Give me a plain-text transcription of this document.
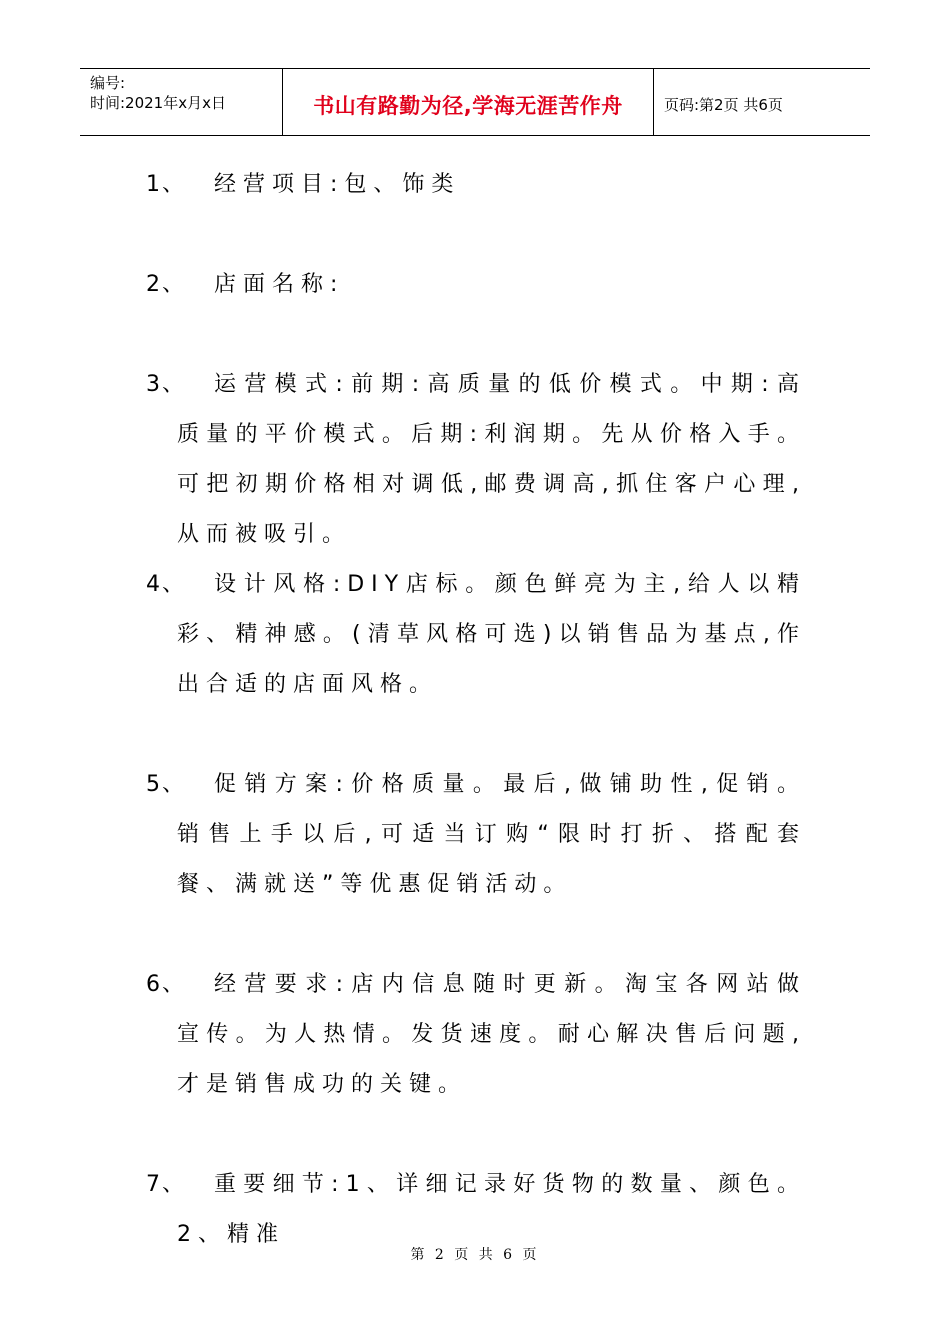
编号:
时间:2021年x月x日	书山有路勤为径,学海无涯苦作舟	页码:第2页 共6页
1、	经营项目:包、饰类
2、	店面名称:
3、	运营模式:前期:高质量的低价模式。中期:高质量的平价模式。后期:利润期。先从价格入手。可把初期价格相对调低,邮费调高,抓住客户心理,从而被吸引。
4、	设计风格:DIY店标。颜色鲜亮为主,给人以精彩、精神感。(清草风格可选)以销售品为基点,作出合适的店面风格。
5、	促销方案:价格质量。最后,做铺助性,促销。销售上手以后,可适当订购“限时打折、搭配套餐、满就送”等优惠促销活动。
6、	经营要求:店内信息随时更新。淘宝各网站做宣传。为人热情。发货速度。耐心解决售后问题,才是销售成功的关键。
7、	重要细节:1、详细记录好货物的数量、颜色。2、精准
第 2 页 共 6 页
